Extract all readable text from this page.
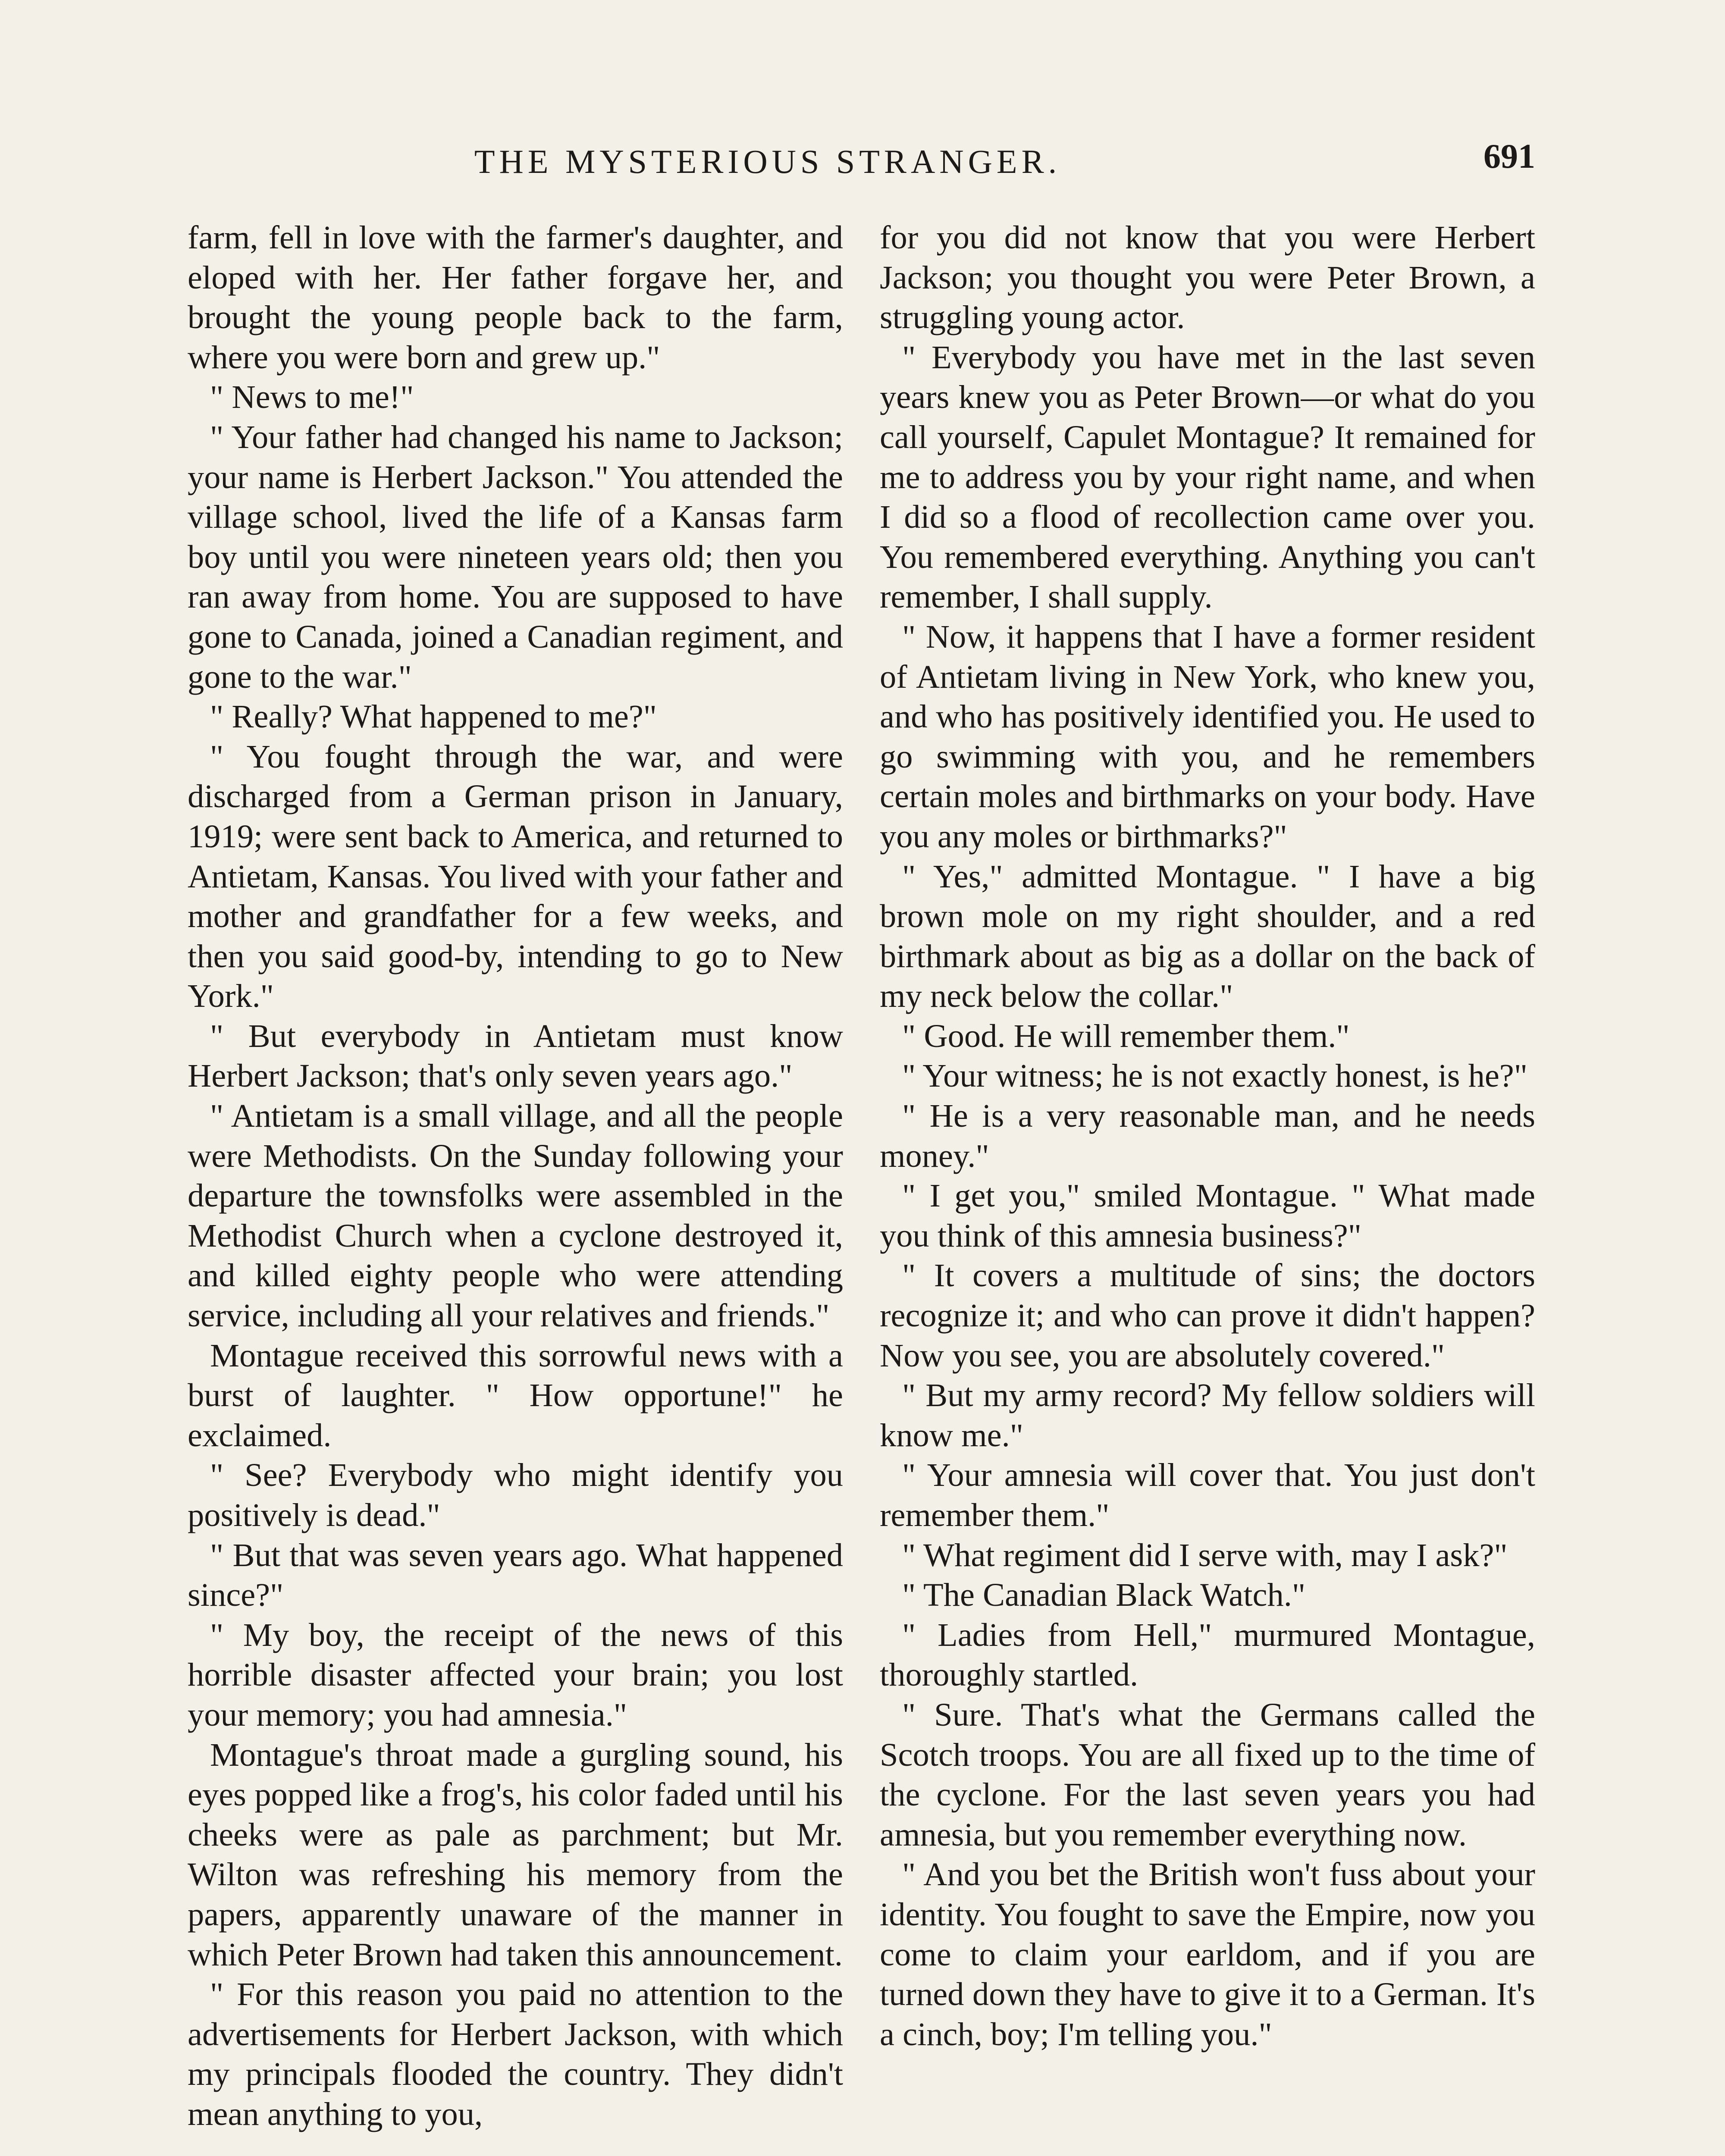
THE MYSTERIOUS STRANGER.	691

farm, fell in love with the farmer's daughter, and eloped with her. Her father forgave her, and brought the young people back to the farm, where you were born and grew up."

" News to me!"

" Your father had changed his name to Jackson; your name is Herbert Jackson." You attended the village school, lived the life of a Kansas farm boy until you were nineteen years old; then you ran away from home. You are supposed to have gone to Canada, joined a Canadian regiment, and gone to the war."

" Really? What happened to me?"

" You fought through the war, and were discharged from a German prison in January, 1919; were sent back to America, and returned to Antietam, Kansas. You lived with your father and mother and grandfather for a few weeks, and then you said good-by, intending to go to New York."

" But everybody in Antietam must know Herbert Jackson; that's only seven years ago."

" Antietam is a small village, and all the people were Methodists. On the Sunday following your departure the townsfolks were assembled in the Methodist Church when a cyclone destroyed it, and killed eighty people who were attending service, including all your relatives and friends."

Montague received this sorrowful news with a burst of laughter. " How opportune!" he exclaimed.

" See? Everybody who might identify you positively is dead."

" But that was seven years ago. What happened since?"

" My boy, the receipt of the news of this horrible disaster affected your brain; you lost your memory; you had amnesia."

Montague's throat made a gurgling sound, his eyes popped like a frog's, his color faded until his cheeks were as pale as parchment; but Mr. Wilton was refreshing his memory from the papers, apparently unaware of the manner in which Peter Brown had taken this announcement.

" For this reason you paid no attention to the advertisements for Herbert Jackson, with which my principals flooded the country. They didn't mean anything to you,

for you did not know that you were Herbert Jackson; you thought you were Peter Brown, a struggling young actor.

" Everybody you have met in the last seven years knew you as Peter Brown—or what do you call yourself, Capulet Montague? It remained for me to address you by your right name, and when I did so a flood of recollection came over you. You remembered everything. Anything you can't remember, I shall supply.

" Now, it happens that I have a former resident of Antietam living in New York, who knew you, and who has positively identified you. He used to go swimming with you, and he remembers certain moles and birthmarks on your body. Have you any moles or birthmarks?"

" Yes," admitted Montague. " I have a big brown mole on my right shoulder, and a red birthmark about as big as a dollar on the back of my neck below the collar."

" Good. He will remember them."

" Your witness; he is not exactly honest, is he?"

" He is a very reasonable man, and he needs money."

" I get you," smiled Montague. " What made you think of this amnesia business?"

" It covers a multitude of sins; the doctors recognize it; and who can prove it didn't happen? Now you see, you are absolutely covered."

" But my army record? My fellow soldiers will know me."

" Your amnesia will cover that. You just don't remember them."

" What regiment did I serve with, may I ask?"

" The Canadian Black Watch."

" Ladies from Hell," murmured Montague, thoroughly startled.

" Sure. That's what the Germans called the Scotch troops. You are all fixed up to the time of the cyclone. For the last seven years you had amnesia, but you remember everything now.

" And you bet the British won't fuss about your identity. You fought to save the Empire, now you come to claim your earldom, and if you are turned down they have to give it to a German. It's a cinch, boy; I'm telling you."
